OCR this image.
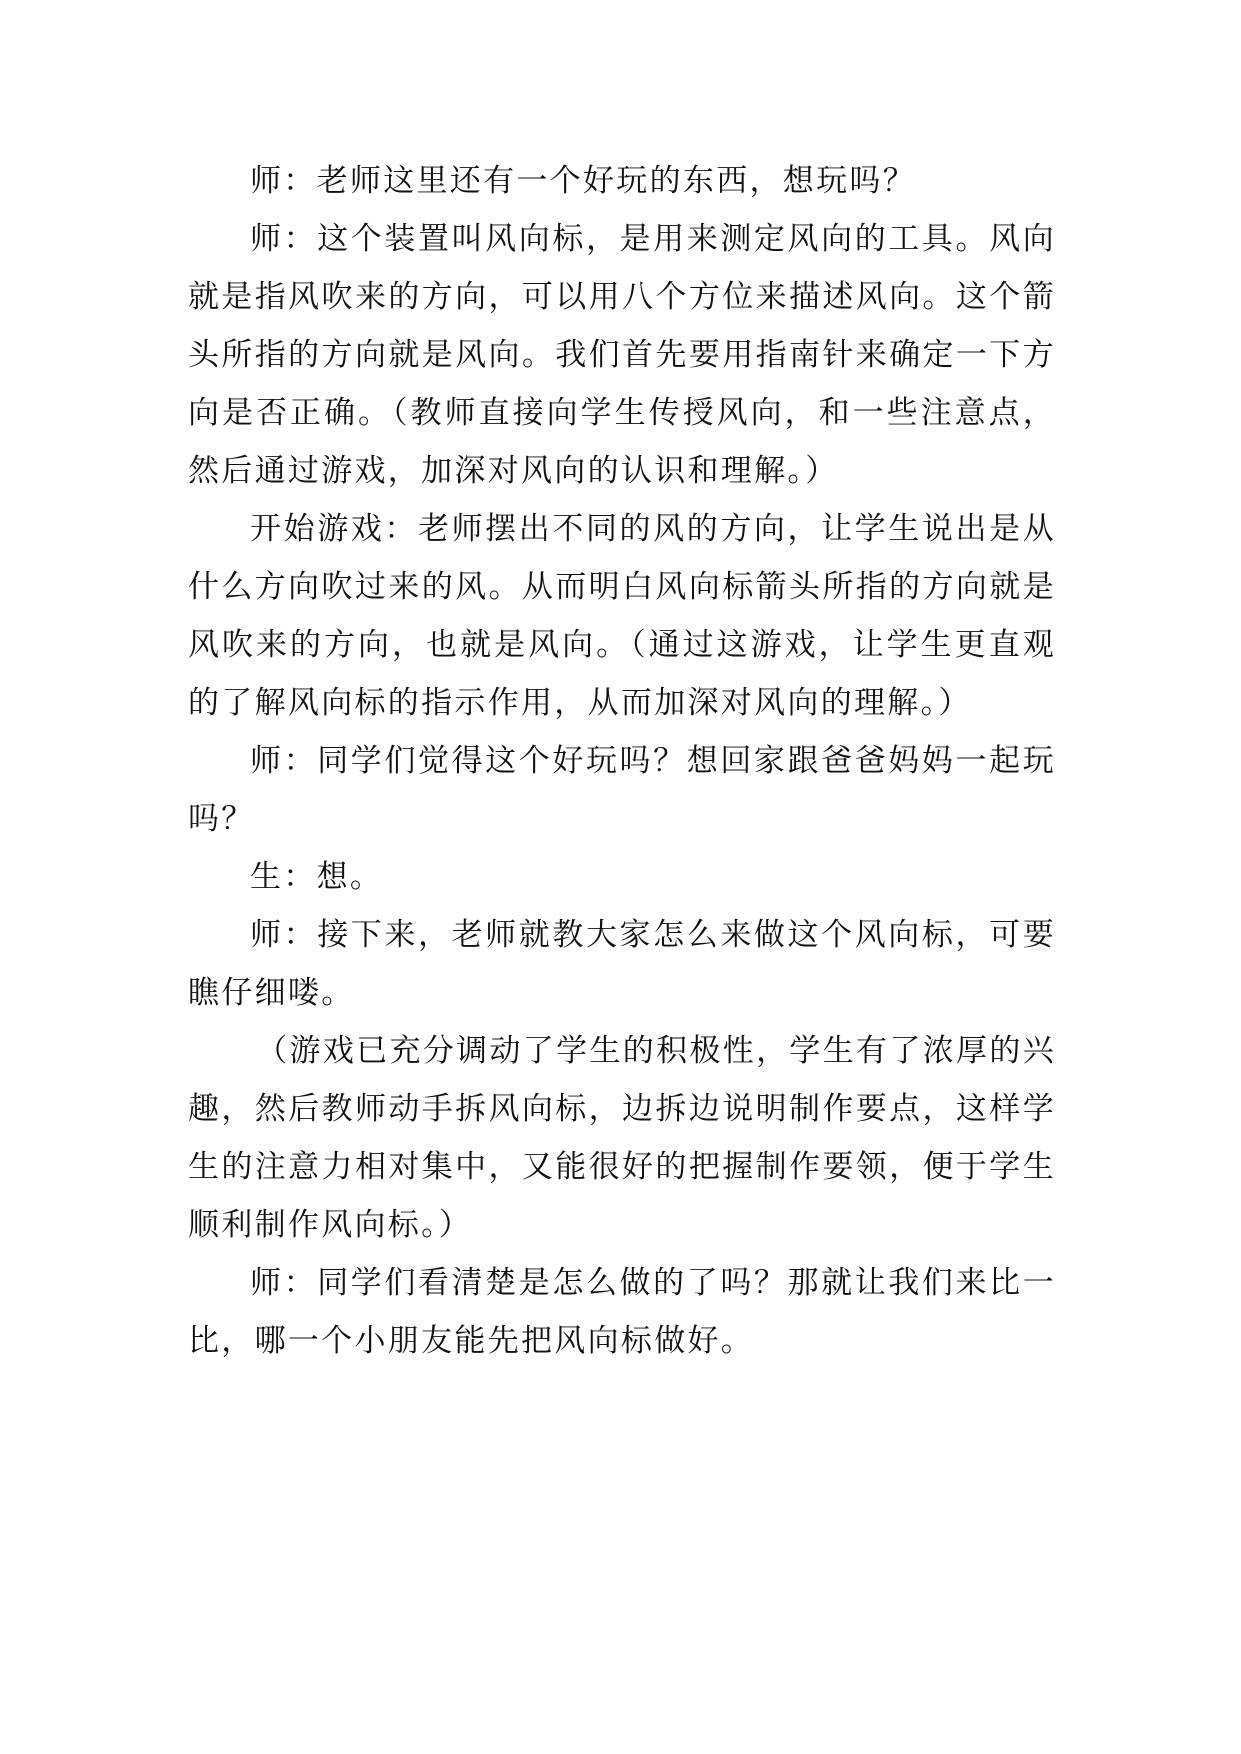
师：老师这里还有一个好玩的东西，想玩吗？

师：这个装置叫风向标，是用来测定风向的工具。风向就是指风吹来的方向，可以用八个方位来描述风向。这个箭头所指的方向就是风向。我们首先要用指南针来确定一下方向是否正确。（教师直接向学生传授风向，和一些注意点，然后通过游戏，加深对风向的认识和理解。）

开始游戏：老师摆出不同的风的方向，让学生说出是从什么方向吹过来的风。从而明白风向标箭头所指的方向就是风吹来的方向，也就是风向。（通过这游戏，让学生更直观的了解风向标的指示作用，从而加深对风向的理解。）

师：同学们觉得这个好玩吗？想回家跟爸爸妈妈一起玩吗？

生：想。

师：接下来，老师就教大家怎么来做这个风向标，可要瞧仔细喽。

（游戏已充分调动了学生的积极性，学生有了浓厚的兴趣，然后教师动手拆风向标，边拆边说明制作要点，这样学生的注意力相对集中，又能很好的把握制作要领，便于学生顺利制作风向标。）

师：同学们看清楚是怎么做的了吗？那就让我们来比一比，哪一个小朋友能先把风向标做好。
